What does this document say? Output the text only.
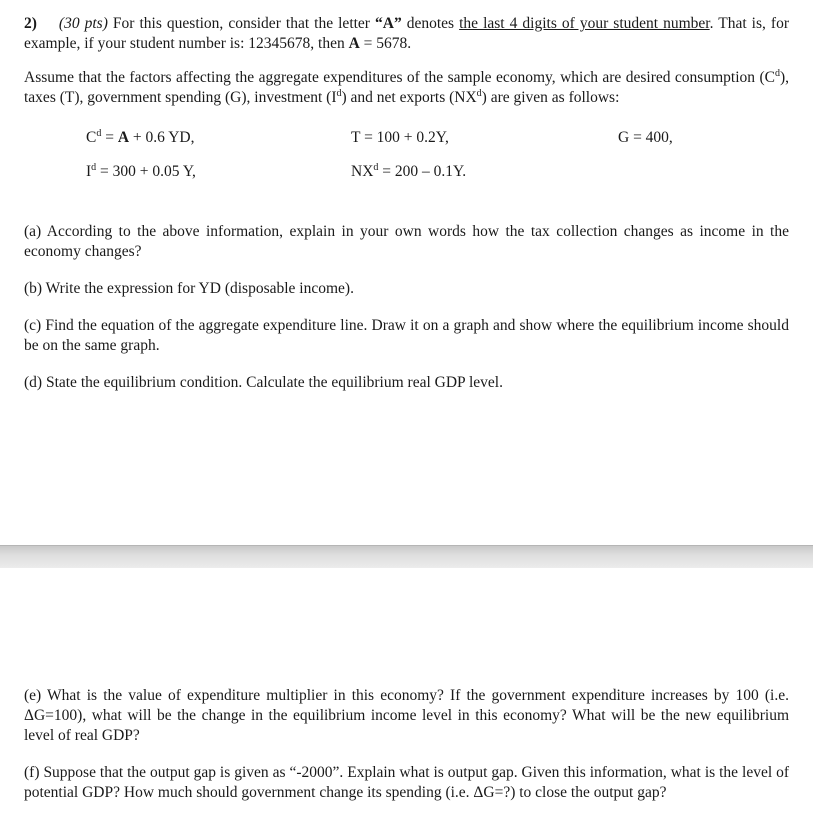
2) (30 pts) For this question, consider that the letter “A” denotes the last 4 digits of your student number. That is, for example, if your student number is: 12345678, then A = 5678.

Assume that the factors affecting the aggregate expenditures of the sample economy, which are desired consumption $(C^d)$, taxes (T), government spending (G), investment $(I^d)$ and net exports $(NX^d)$ are given as follows:

$C^d = A + 0.6$ YD,	T = 100 + 0.2Y,	G = 400,
$I^d = 300 + 0.05$ Y,	$NX^d = 200 - 0.1Y$.

(a) According to the above information, explain in your own words how the tax collection changes as income in the economy changes?

(b) Write the expression for YD (disposable income).

(c) Find the equation of the aggregate expenditure line. Draw it on a graph and show where the equilibrium income should be on the same graph.

(d) State the equilibrium condition. Calculate the equilibrium real GDP level.

(e) What is the value of expenditure multiplier in this economy? If the government expenditure increases by 100 (i.e. ΔG=100), what will be the change in the equilibrium income level in this economy? What will be the new equilibrium level of real GDP?

(f) Suppose that the output gap is given as “-2000”. Explain what is output gap. Given this information, what is the level of potential GDP? How much should government change its spending (i.e. ΔG=?) to close the output gap?
